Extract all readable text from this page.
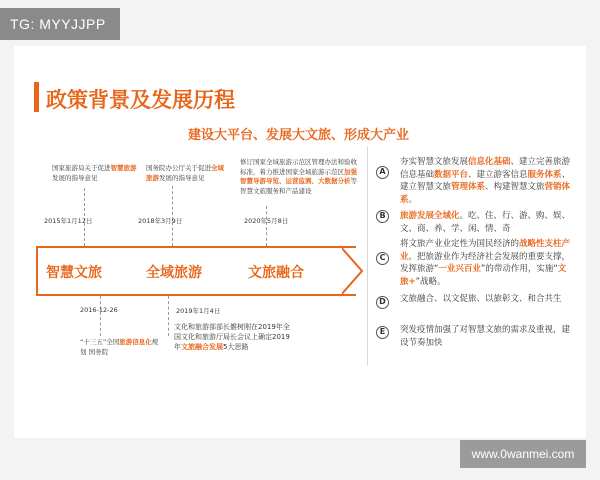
TG: MYYJJPP
政策背景及发展历程
建设大平台、发展大文旅、形成大产业
国家旅游局关于促进智慧旅游发展的指导意见
2015年1月12日
国务院办公厅关于促进全域旅游发展的指导意见
2018年3月9日
修订国家全域旅游示范区管理办法和验收标准，着力推进国家全域旅游示范区加强智慧导游导览、运营监测、大数据分析等智慧文旅服务和产品建设
2020年5月8日
智慧文旅	全域旅游	文旅融合
2016-12-26
“十三五”全国旅游信息化规划 国务院
2019年1月4日
文化和旅游部部长雒树刚在2019年全国文化和旅游厅局长会议上确定2019年文旅融合发展5大思路
A
夯实智慧文旅发展信息化基础、建立完善旅游信息基础数据平台、建立游客信息服务体系、建立智慧文旅管理体系、构建智慧文旅营销体系。
B	旅游发展全域化。吃、住、行、游、购、娱、文、商、养、学、闲、情、奇
C
将文旅产业业定性为国民经济的战略性支柱产业。把旅游业作为经济社会发展的重要支撑，发挥旅游“一业兴百业”的带动作用，实施“文旅+”战略。
D	文旅融合、以文促旅、以旅彰文、和合共生
E	突发疫情加强了对智慧文旅的需求及重视，建设节奏加快
www.0wanmei.com
